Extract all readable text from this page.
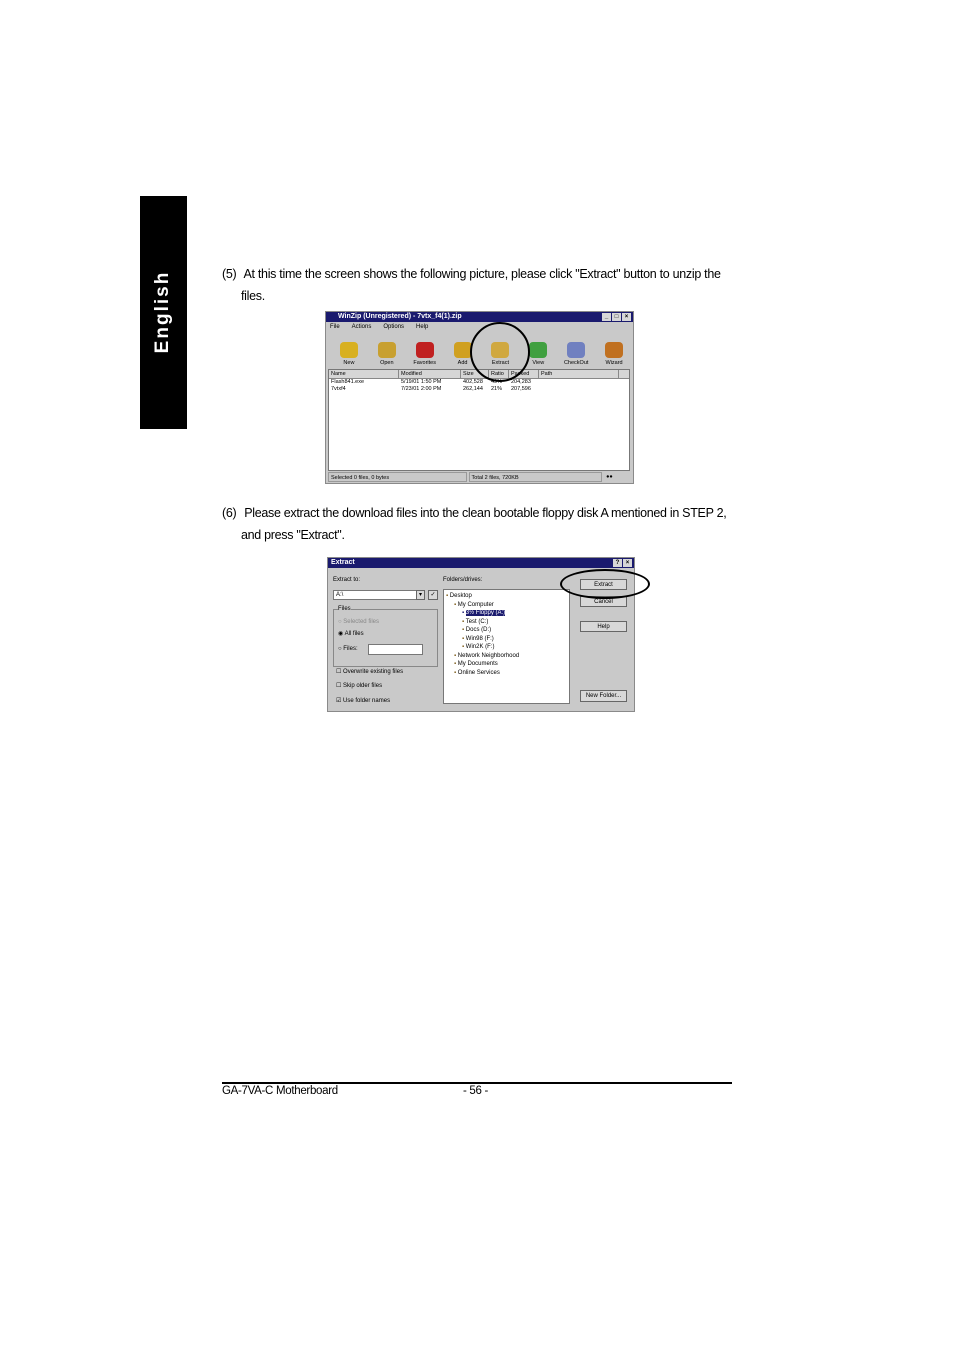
English	(5) At this time the screen shows the following picture, please click "Extract" button to unzip the
files.
WinZip (Unregistered) - 7vtx_f4(1).zip	_	□	×
File Actions Options Help
New	Open	Favorites	Add	Extract	View	CheckOut	Wizard
Name	Modified	Size	Ratio	Packed	Path
Flash841.exe	5/19/01 1:50 PM	402,528	49%	204,283
7vtxf4	7/23/01 2:00 PM	262,144	21%	207,596
Selected 0 files, 0 bytes	Total 2 files, 720KB	●●
(6) Please extract the download files into the clean bootable floppy disk A mentioned in STEP 2,
and press "Extract".
Extract	?	×
Extract to:
A:\	▾	✓
Files
○ Selected files
◉ All files
○ Files:
☐ Overwrite existing files
☐ Skip older files
☑ Use folder names
Folders/drives:
▪ Desktop
▪ My Computer
▪ 3½ Floppy (A:)
▪ Test (C:)
▪ Docs (D:)
▪ Win98 (F:)
▪ Win2K (F:)
▪ Network Neighborhood
▪ My Documents
▪ Online Services
Extract
Cancel
Help
New Folder...
GA-7VA-C Motherboard	- 56 -
